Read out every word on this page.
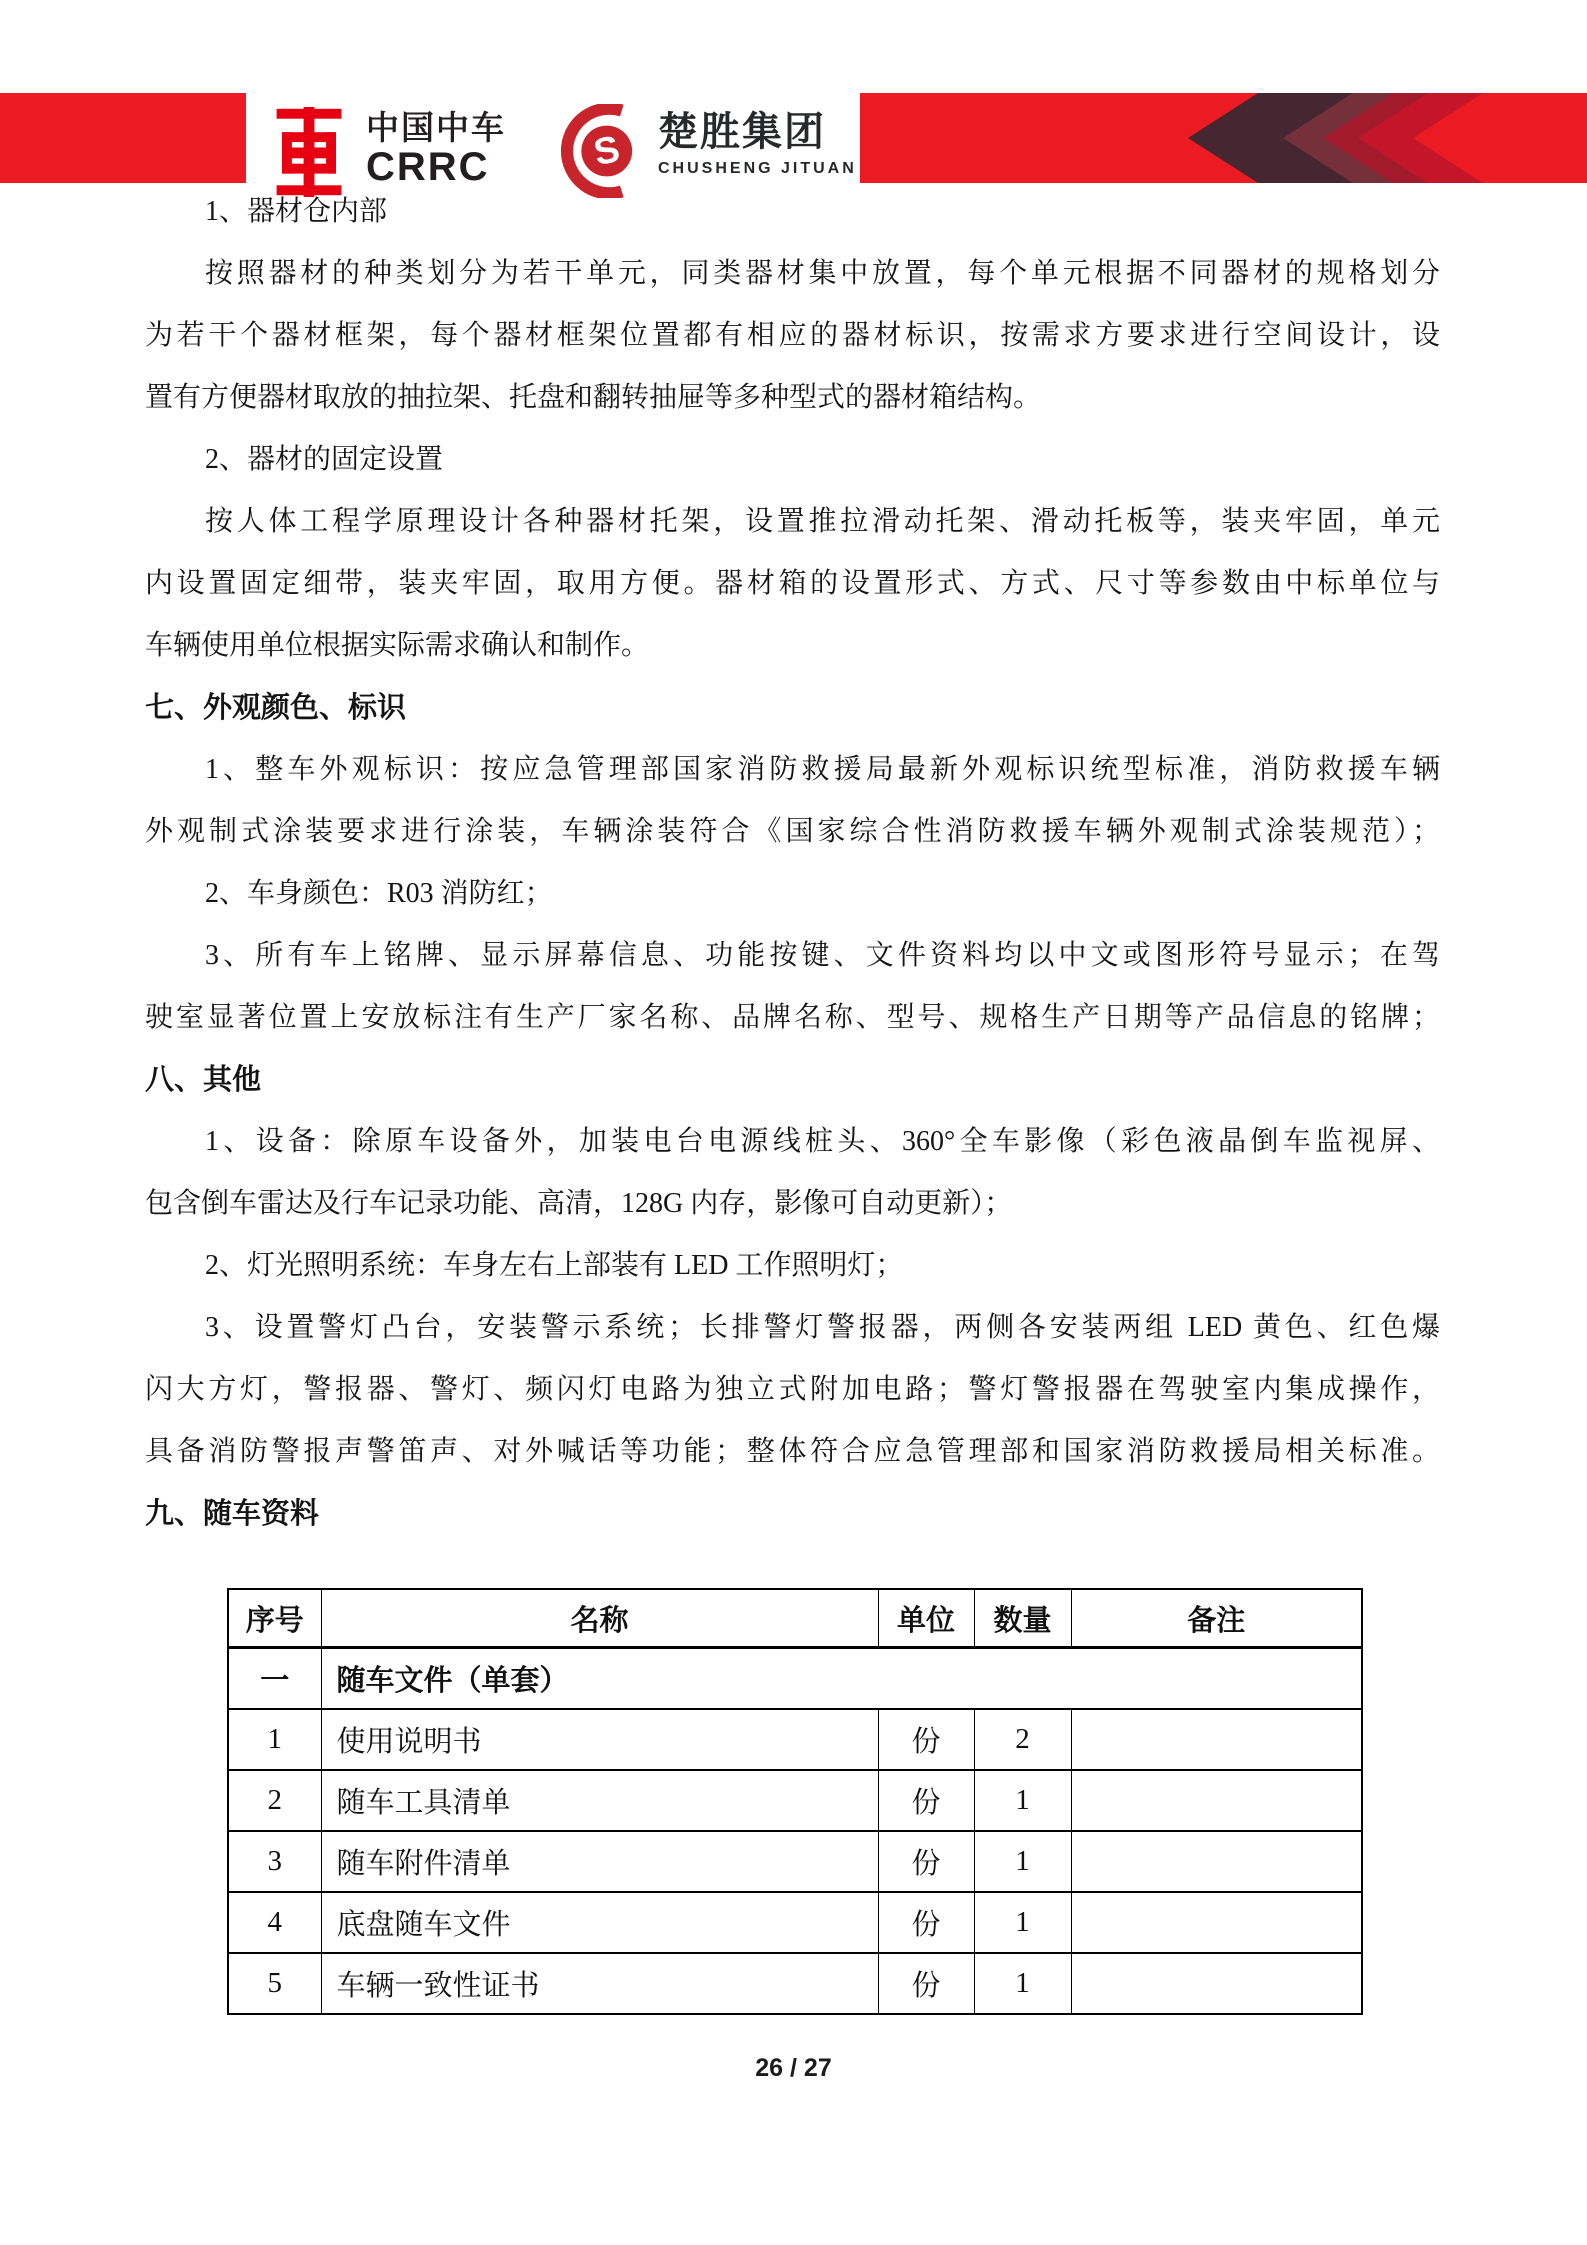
中国中车
CRRC	S 楚胜集团
CHUSHENG JITUAN
1、器材仓内部
按照器材的种类划分为若干单元，同类器材集中放置，每个单元根据不同器材的规格划分
为若干个器材框架，每个器材框架位置都有相应的器材标识，按需求方要求进行空间设计，设
置有方便器材取放的抽拉架、托盘和翻转抽屉等多种型式的器材箱结构。
2、器材的固定设置
按人体工程学原理设计各种器材托架，设置推拉滑动托架、滑动托板等，装夹牢固，单元
内设置固定细带，装夹牢固，取用方便。器材箱的设置形式、方式、尺寸等参数由中标单位与
车辆使用单位根据实际需求确认和制作。
七、外观颜色、标识
1、整车外观标识：按应急管理部国家消防救援局最新外观标识统型标准，消防救援车辆
外观制式涂装要求进行涂装，车辆涂装符合《国家综合性消防救援车辆外观制式涂装规范）；
2、车身颜色：R03 消防红；
3、所有车上铭牌、显示屏幕信息、功能按键、文件资料均以中文或图形符号显示；在驾
驶室显著位置上安放标注有生产厂家名称、品牌名称、型号、规格生产日期等产品信息的铭牌；
八、其他
1、设备：除原车设备外，加装电台电源线桩头、360°全车影像（彩色液晶倒车监视屏、
包含倒车雷达及行车记录功能、高清，128G 内存，影像可自动更新）；
2、灯光照明系统：车身左右上部装有 LED 工作照明灯；
3、设置警灯凸台，安装警示系统；长排警灯警报器，两侧各安装两组 LED 黄色、红色爆
闪大方灯，警报器、警灯、频闪灯电路为独立式附加电路；警灯警报器在驾驶室内集成操作，
具备消防警报声警笛声、对外喊话等功能；整体符合应急管理部和国家消防救援局相关标准。
九、随车资料
序号	名称	单位	数量	备注
一	随车文件（单套）			
1	使用说明书	份	2	
2	随车工具清单	份	1	
3	随车附件清单	份	1	
4	底盘随车文件	份	1	
5	车辆一致性证书	份	1	
26 / 27
